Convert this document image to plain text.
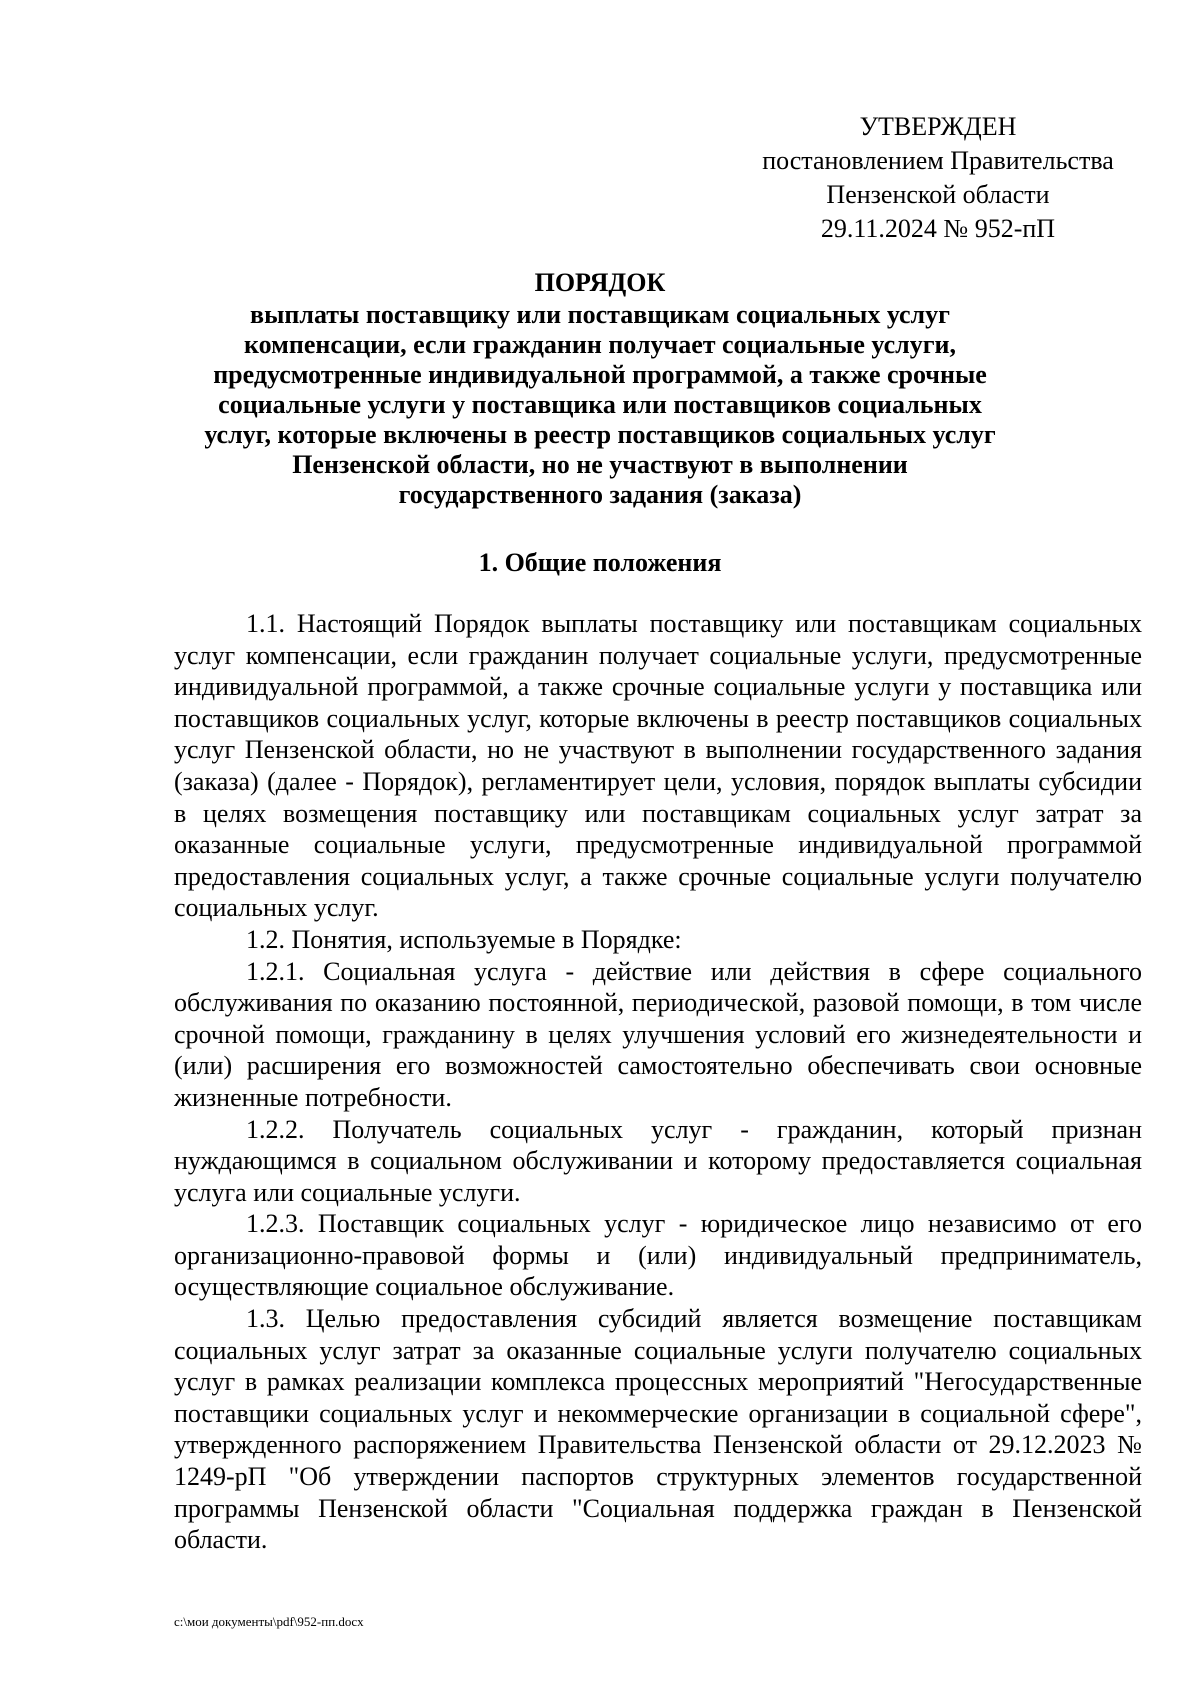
УТВЕРЖДЕН
постановлением Правительства
Пензенской области
29.11.2024 № 952-пП
ПОРЯДОК
выплаты поставщику или поставщикам социальных услуг
компенсации, если гражданин получает социальные услуги,
предусмотренные индивидуальной программой, а также срочные
социальные услуги у поставщика или поставщиков социальных
услуг, которые включены в реестр поставщиков социальных услуг
Пензенской области, но не участвуют в выполнении
государственного задания (заказа)
1. Общие положения

1.1. Настоящий Порядок выплаты поставщику или поставщикам социальных услуг компенсации, если гражданин получает социальные услуги, предусмотренные индивидуальной программой, а также срочные социальные услуги у поставщика или поставщиков социальных услуг, которые включены в реестр поставщиков социальных услуг Пензенской области, но не участвуют в выполнении государственного задания (заказа) (далее - Порядок), регламентирует цели, условия, порядок выплаты субсидии в целях возмещения поставщику или поставщикам социальных услуг затрат за оказанные социальные услуги, предусмотренные индивидуальной программой предоставления социальных услуг, а также срочные социальные услуги получателю социальных услуг.

1.2. Понятия, используемые в Порядке:

1.2.1. Социальная услуга - действие или действия в сфере социального обслуживания по оказанию постоянной, периодической, разовой помощи, в том числе срочной помощи, гражданину в целях улучшения условий его жизнедеятельности и (или) расширения его возможностей самостоятельно обеспечивать свои основные жизненные потребности.

1.2.2. Получатель социальных услуг - гражданин, который признан нуждающимся в социальном обслуживании и которому предоставляется социальная услуга или социальные услуги.

1.2.3. Поставщик социальных услуг - юридическое лицо независимо от его организационно-правовой формы и (или) индивидуальный предприниматель, осуществляющие социальное обслуживание.

1.3. Целью предоставления субсидий является возмещение поставщикам социальных услуг затрат за оказанные социальные услуги получателю социальных услуг в рамках реализации комплекса процессных мероприятий "Негосударственные поставщики социальных услуг и некоммерческие организации в социальной сфере", утвержденного распоряжением Правительства Пензенской области от 29.12.2023 № 1249-рП "Об утверждении паспортов структурных элементов государственной программы Пензенской области "Социальная поддержка граждан в Пензенской области.

c:\мои документы\pdf\952-пп.docx
